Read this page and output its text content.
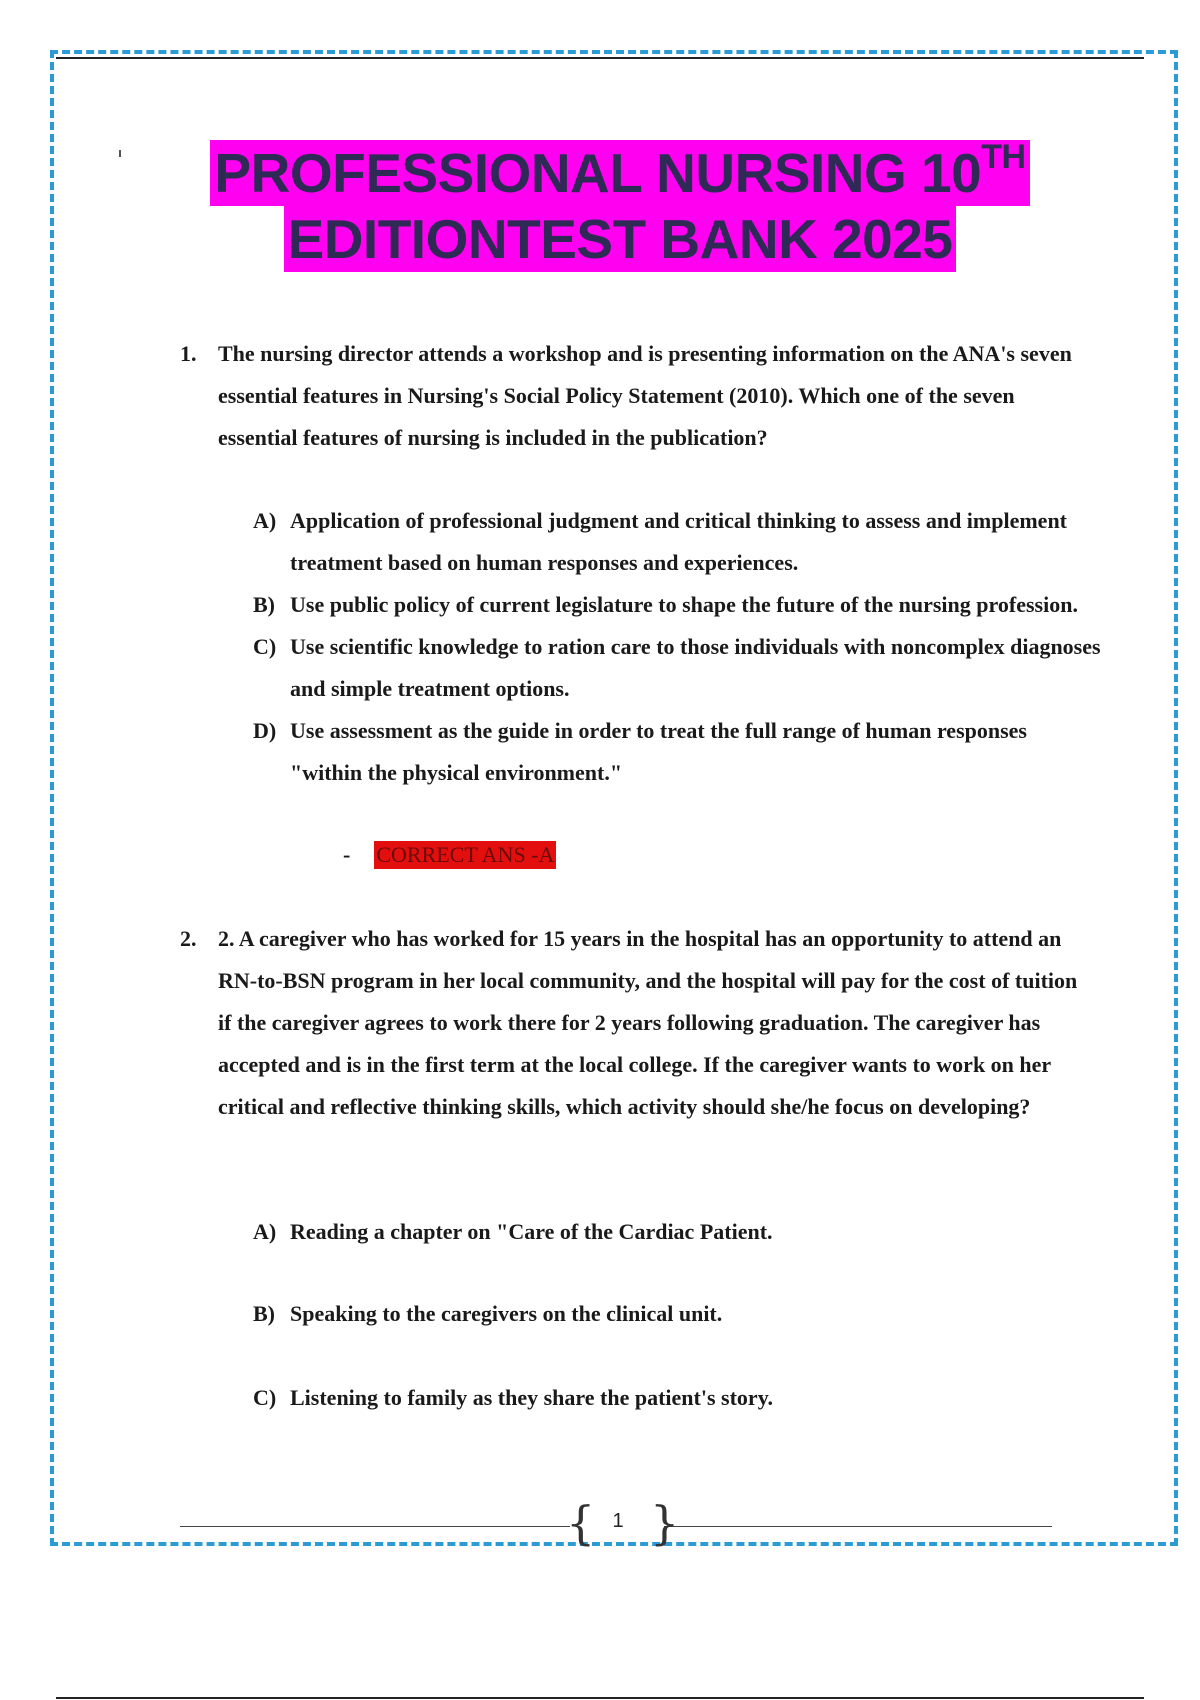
PROFESSIONAL NURSING 10TH
EDITIONTEST BANK 2025
1. The nursing director attends a workshop and is presenting information on the ANA's seven essential features in Nursing's Social Policy Statement (2010). Which one of the seven essential features of nursing is included in the publication?
A) Application of professional judgment and critical thinking to assess and implement treatment based on human responses and experiences.
B) Use public policy of current legislature to shape the future of the nursing profession.
C) Use scientific knowledge to ration care to those individuals with noncomplex diagnoses and simple treatment options.
D) Use assessment as the guide in order to treat the full range of human responses "within the physical environment."
- CORRECT ANS -A
2. 2. A caregiver who has worked for 15 years in the hospital has an opportunity to attend an RN-to-BSN program in her local community, and the hospital will pay for the cost of tuition if the caregiver agrees to work there for 2 years following graduation. The caregiver has accepted and is in the first term at the local college. If the caregiver wants to work on her critical and reflective thinking skills, which activity should she/he focus on developing?
A) Reading a chapter on "Care of the Cardiac Patient.
B) Speaking to the caregivers on the clinical unit.
C) Listening to family as they share the patient's story.
{ }
1
